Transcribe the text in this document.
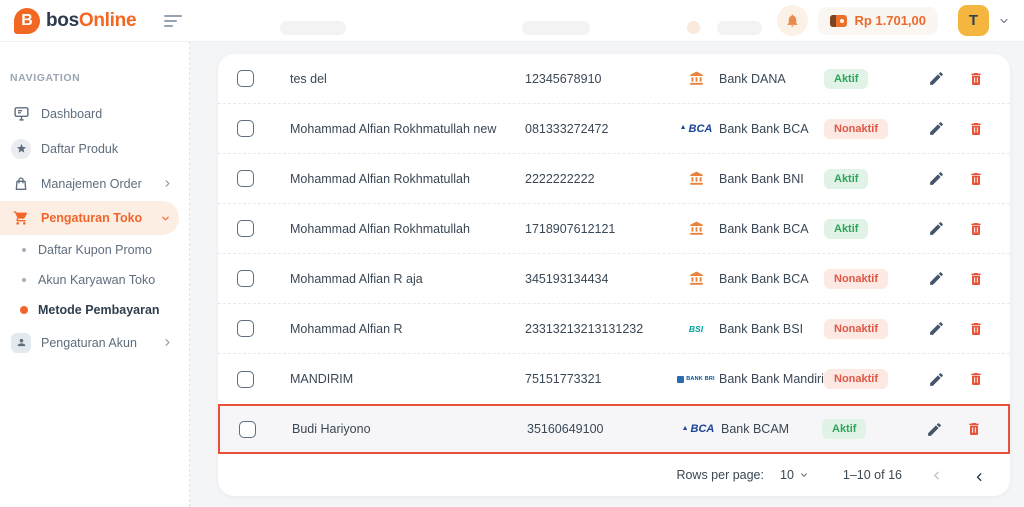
B bosOnline	Rp 1.701,00	T
NAVIGATION
Dashboard
Daftar Produk
Manajemen Order
Pengaturan Toko
Daftar Kupon Promo
Akun Karyawan Toko
Metode Pembayaran
Pengaturan Akun
tes del	12345678910	Bank DANA	Aktif
Mohammad Alfian Rokhmatullah new	081333272472	▲ BCA Bank Bank BCA	Nonaktif
Mohammad Alfian Rokhmatullah	2222222222	Bank Bank BNI	Aktif
Mohammad Alfian Rokhmatullah	1718907612121	Bank Bank BCA	Aktif
Mohammad Alfian R aja	345193134434	Bank Bank BCA	Nonaktif
Mohammad Alfian R	23313213213131232	BSI	Bank Bank BSI	Nonaktif
MANDIRIM	75151773321	BANK BRI Bank Bank Mandiri Nonaktif
Budi Hariyono	35160649100	▲ BCA Bank BCAM	Aktif
Rows per page: 10	1–10 of 16
